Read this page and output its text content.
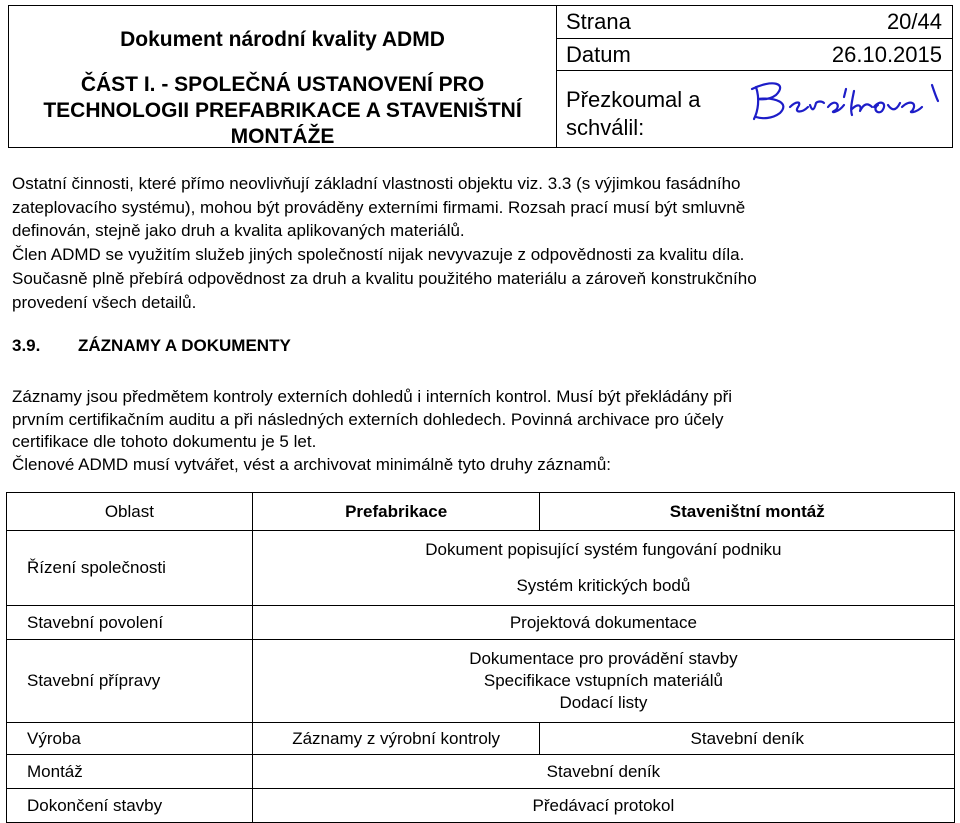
Dokument národní kvality ADMD
ČÁST I. - SPOLEČNÁ USTANOVENÍ PRO
TECHNOLOGII PREFABRIKACE A STAVENIŠTNÍ
MONTÁŽE
Strana	20/44
Datum	26.10.2015
Přezkoumal a
schválil:
Ostatní činnosti, které přímo neovlivňují základní vlastnosti objektu viz. 3.3 (s výjimkou fasádního
zateplovacího systému), mohou být prováděny externími firmami. Rozsah prací musí být smluvně
definován, stejně jako druh a kvalita aplikovaných materiálů.
Člen ADMD se využitím služeb jiných společností nijak nevyvazuje z odpovědnosti za kvalitu díla.
Současně plně přebírá odpovědnost za druh a kvalitu použitého materiálu a zároveň konstrukčního
provedení všech detailů.
3.9. ZÁZNAMY A DOKUMENTY
Záznamy jsou předmětem kontroly externích dohledů i interních kontrol. Musí být překládány při
prvním certifikačním auditu a při následných externích dohledech. Povinná archivace pro účely
certifikace dle tohoto dokumentu je 5 let.
Členové ADMD musí vytvářet, vést a archivovat minimálně tyto druhy záznamů:
Oblast	Prefabrikace	Staveništní montáž
Řízení společnosti	Dokument popisující systém fungování podniku
Systém kritických bodů	

Stavební povolení	Projektová dokumentace	
Stavební přípravy	Dokumentace pro provádění stavby
Specifikace vstupních materiálů
Dodací listy	

Výroba	Záznamy z výrobní kontroly	Stavební deník
Montáž	Stavební deník	
Dokončení stavby	Předávací protokol	
